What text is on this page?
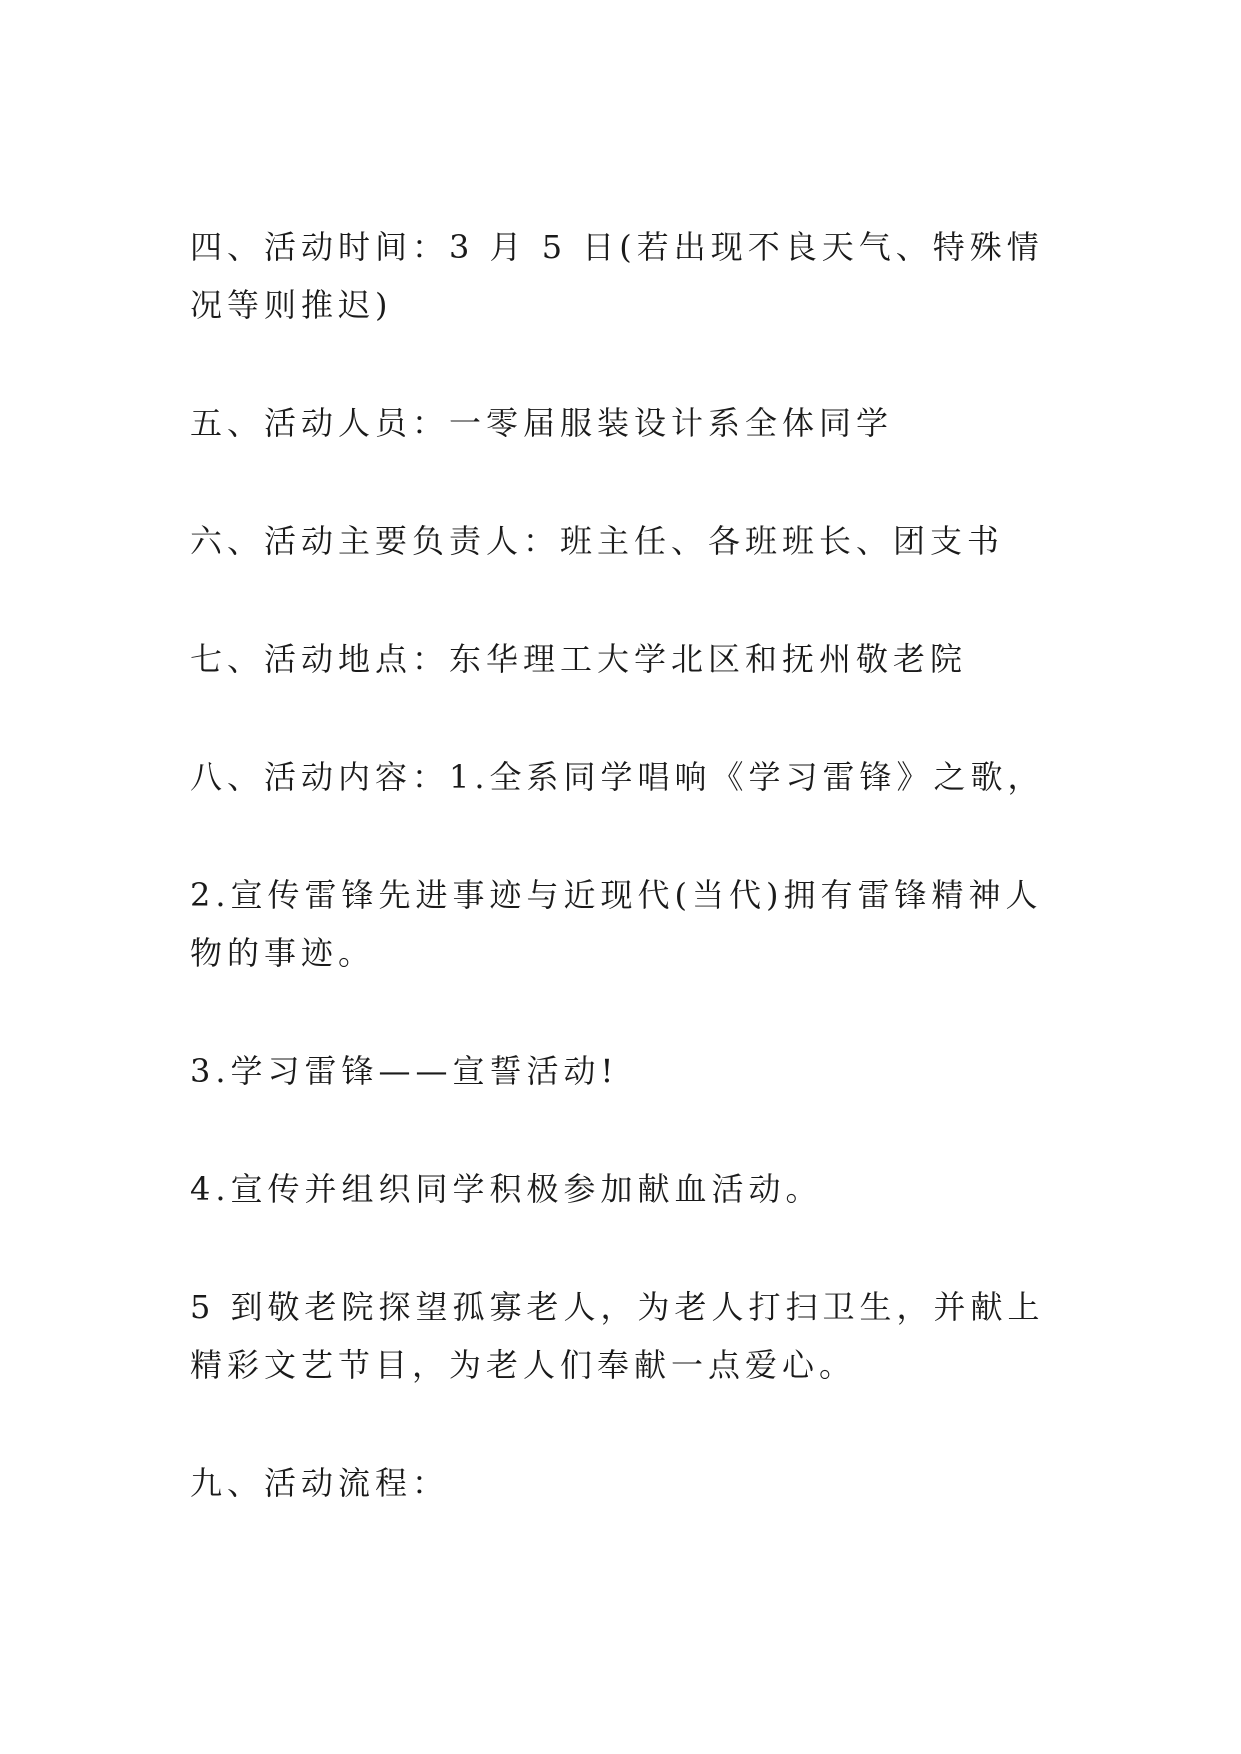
四、活动时间：3 月 5 日(若出现不良天气、特殊情况等则推迟)

五、活动人员：一零届服装设计系全体同学

六、活动主要负责人：班主任、各班班长、团支书

七、活动地点：东华理工大学北区和抚州敬老院

八、活动内容：1.全系同学唱响《学习雷锋》之歌，

2.宣传雷锋先进事迹与近现代(当代)拥有雷锋精神人物的事迹。

3.学习雷锋——宣誓活动!

4.宣传并组织同学积极参加献血活动。

5 到敬老院探望孤寡老人，为老人打扫卫生，并献上精彩文艺节目，为老人们奉献一点爱心。

九、活动流程：
